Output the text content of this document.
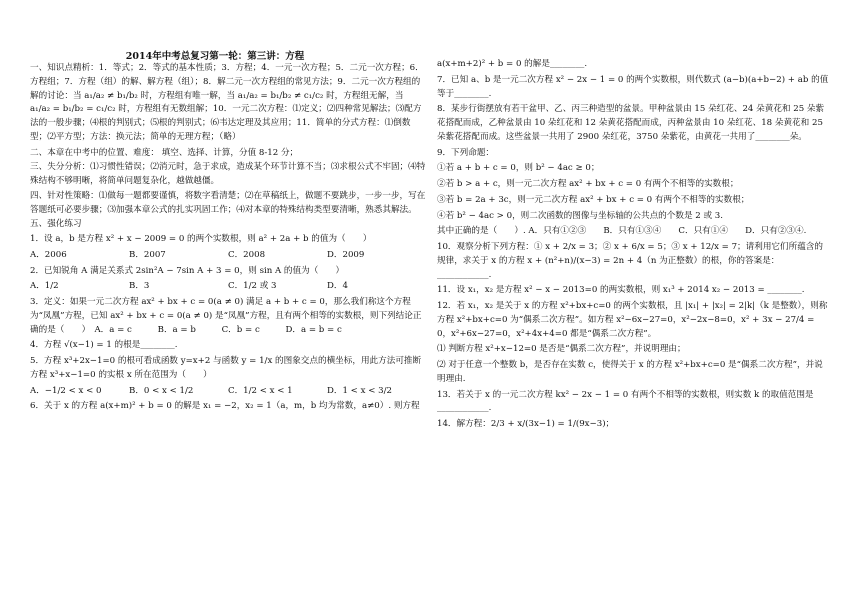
2014年中考总复习第一轮：第三讲：方程

一、知识点精析：1．等式；2．等式的基本性质；3．方程；4．一元一次方程；5．二元一次方程；6．方程组；7．方程（组）的解、解方程（组）；8．解二元一次方程组的常见方法；9．二元一次方程组的解的讨论：当 a₁/a₂ ≠ b₁/b₂ 时，方程组有唯一解，当 a₁/a₂ = b₁/b₂ ≠ c₁/c₂ 时，方程组无解，当 a₁/a₂ = b₁/b₂ = c₁/c₂ 时，方程组有无数组解；10．一元二次方程：⑴定义；⑵四种常见解法；⑶配方法的一般步骤；⑷根的判别式；⑸根的判别式；⑹韦达定理及其应用；11．简单的分式方程：⑴倒数型；⑵平方型；方法：换元法；简单的无理方程；（略）

二、本章在中考中的位置、难度： 填空、选择、计算，分值 8-12 分；

三、失分分析：⑴习惯性错误；⑵消元时，急于求成，造成某个环节计算不当；⑶求根公式不牢固；⑷特殊结构不够明晰，将简单问题复杂化，越做越僵。

四、针对性策略：⑴做每一题都要谨慎，将数字看清楚；⑵在草稿纸上，做题不要跳步，一步一步，写在答题纸可必要步骤；⑶加强本章公式的扎实巩固工作；⑷对本章的特殊结构类型要清晰，熟悉其解法。

五、强化练习

1．设 a，b 是方程 x² + x − 2009 = 0 的两个实数根，则 a² + 2a + b 的值为（　　）

A．2006	B．2007	C．2008	D．2009

2．已知锐角 A 满足关系式 2sin²A − 7sin A + 3 = 0，则 sin A 的值为（　　）

A．1/2	B．3	C．1/2 或 3	D．4

3．定义：如果一元二次方程 ax² + bx + c = 0(a ≠ 0) 满足 a + b + c = 0，那么我们称这个方程为“凤凰”方程，已知 ax² + bx + c = 0(a ≠ 0) 是“凤凰”方程，且有两个相等的实数根，则下列结论正确的是（　　）　A．a = c　　　B．a = b　　　C．b = c　　　D．a = b = c

4．方程 √(x−1) = 1 的根是________.

5．方程 x³+2x−1=0 的根可看成函数 y=x+2 与函数 y = 1/x 的图象交点的横坐标，用此方法可推断方程 x³+x−1=0 的实根 x 所在范围为（　　）

A．−1/2 < x < 0	B．0 < x < 1/2	C．1/2 < x < 1	D．1 < x < 3/2

6．关于 x 的方程 a(x+m)² + b = 0 的解是 x₁ = −2，x₂ = 1（a，m，b 均为常数，a≠0）. 则方程

a(x+m+2)² + b = 0 的解是________.

7．已知 a、b 是一元二次方程 x² − 2x − 1 = 0 的两个实数根，则代数式 (a−b)(a+b−2) + ab 的值等于________.

8．某步行街摆放有若干盆甲、乙、丙三种造型的盆景。甲种盆景由 15 朵红花、24 朵黄花和 25 朵紫花搭配而成，乙种盆景由 10 朵红花和 12 朵黄花搭配而成，丙种盆景由 10 朵红花、18 朵黄花和 25 朵紫花搭配而成。这些盆景一共用了 2900 朵红花，3750 朵紫花，由黄花一共用了________朵。

9．下列命题：

①若 a + b + c = 0，则 b² − 4ac ≥ 0；

②若 b > a + c，则一元二次方程 ax² + bx + c = 0 有两个不相等的实数根；

③若 b = 2a + 3c，则一元二次方程 ax² + bx + c = 0 有两个不相等的实数根；

④若 b² − 4ac > 0，则二次函数的图像与坐标轴的公共点的个数是 2 或 3.

其中正确的是（　　）. A．只有①②③　　B．只有①③④　　C．只有①④　　D．只有②③④.

10．观察分析下列方程：① x + 2/x = 3；② x + 6/x = 5；③ x + 12/x = 7；请利用它们所蕴含的规律，求关于 x 的方程 x + (n²+n)/(x−3) = 2n + 4（n 为正整数）的根，你的答案是：____________.

11．设 x₁，x₂ 是方程 x² − x − 2013=0 的两实数根，则 x₁³ + 2014 x₂ − 2013 = ________.

12．若 x₁，x₂ 是关于 x 的方程 x²+bx+c=0 的两个实数根，且 |x₁| + |x₂| = 2|k|（k 是整数），则称方程 x²+bx+c=0 为“偶系二次方程”。如方程 x²−6x−27=0，x²−2x−8=0，x² + 3x − 27/4 = 0，x²+6x−27=0，x²+4x+4=0 都是“偶系二次方程”。

⑴ 判断方程 x²+x−12=0 是否是“偶系二次方程”，并说明理由；

⑵ 对于任意一个整数 b，是否存在实数 c，使得关于 x 的方程 x²+bx+c=0 是“偶系二次方程”，并说明理由.

13．若关于 x 的一元二次方程 kx² − 2x − 1 = 0 有两个不相等的实数根，则实数 k 的取值范围是____________.

14．解方程：2/3 + x/(3x−1) = 1/(9x−3)；
